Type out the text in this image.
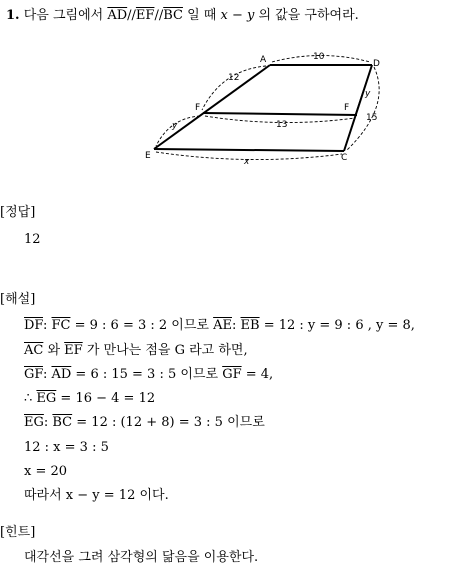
1. 다음 그림에서 $\overline{AD}//\overline{EF}//\overline{BC}$ 일 때 x − y 의 값을 구하여라.
A	D
F	F
E	C
10
12
13
15
y
y
x
[정답]
12
[해설]
$\overline{DF}$: $\overline{FC} = 9$ : 6 = 3 : 2 이므로 $\overline{AE}$: $\overline{EB} = 12$ : y = 9 : 6 , y = 8,
$\overline{AC}$ 와 $\overline{EF}$ 가 만나는 점을 G 라고 하면,
$\overline{GF}$: $\overline{AD} = 6$ : 15 = 3 : 5 이므로 $\overline{GF} = 4$,
∴ $\overline{EG} = 16 - 4 = 12$
$\overline{EG}$: $\overline{BC} = 12$ : (12 + 8) = 3 : 5 이므로
12 : x = 3 : 5
x = 20
따라서 x − y = 12 이다.
[힌트]
대각선을 그려 삼각형의 닮음을 이용한다.
